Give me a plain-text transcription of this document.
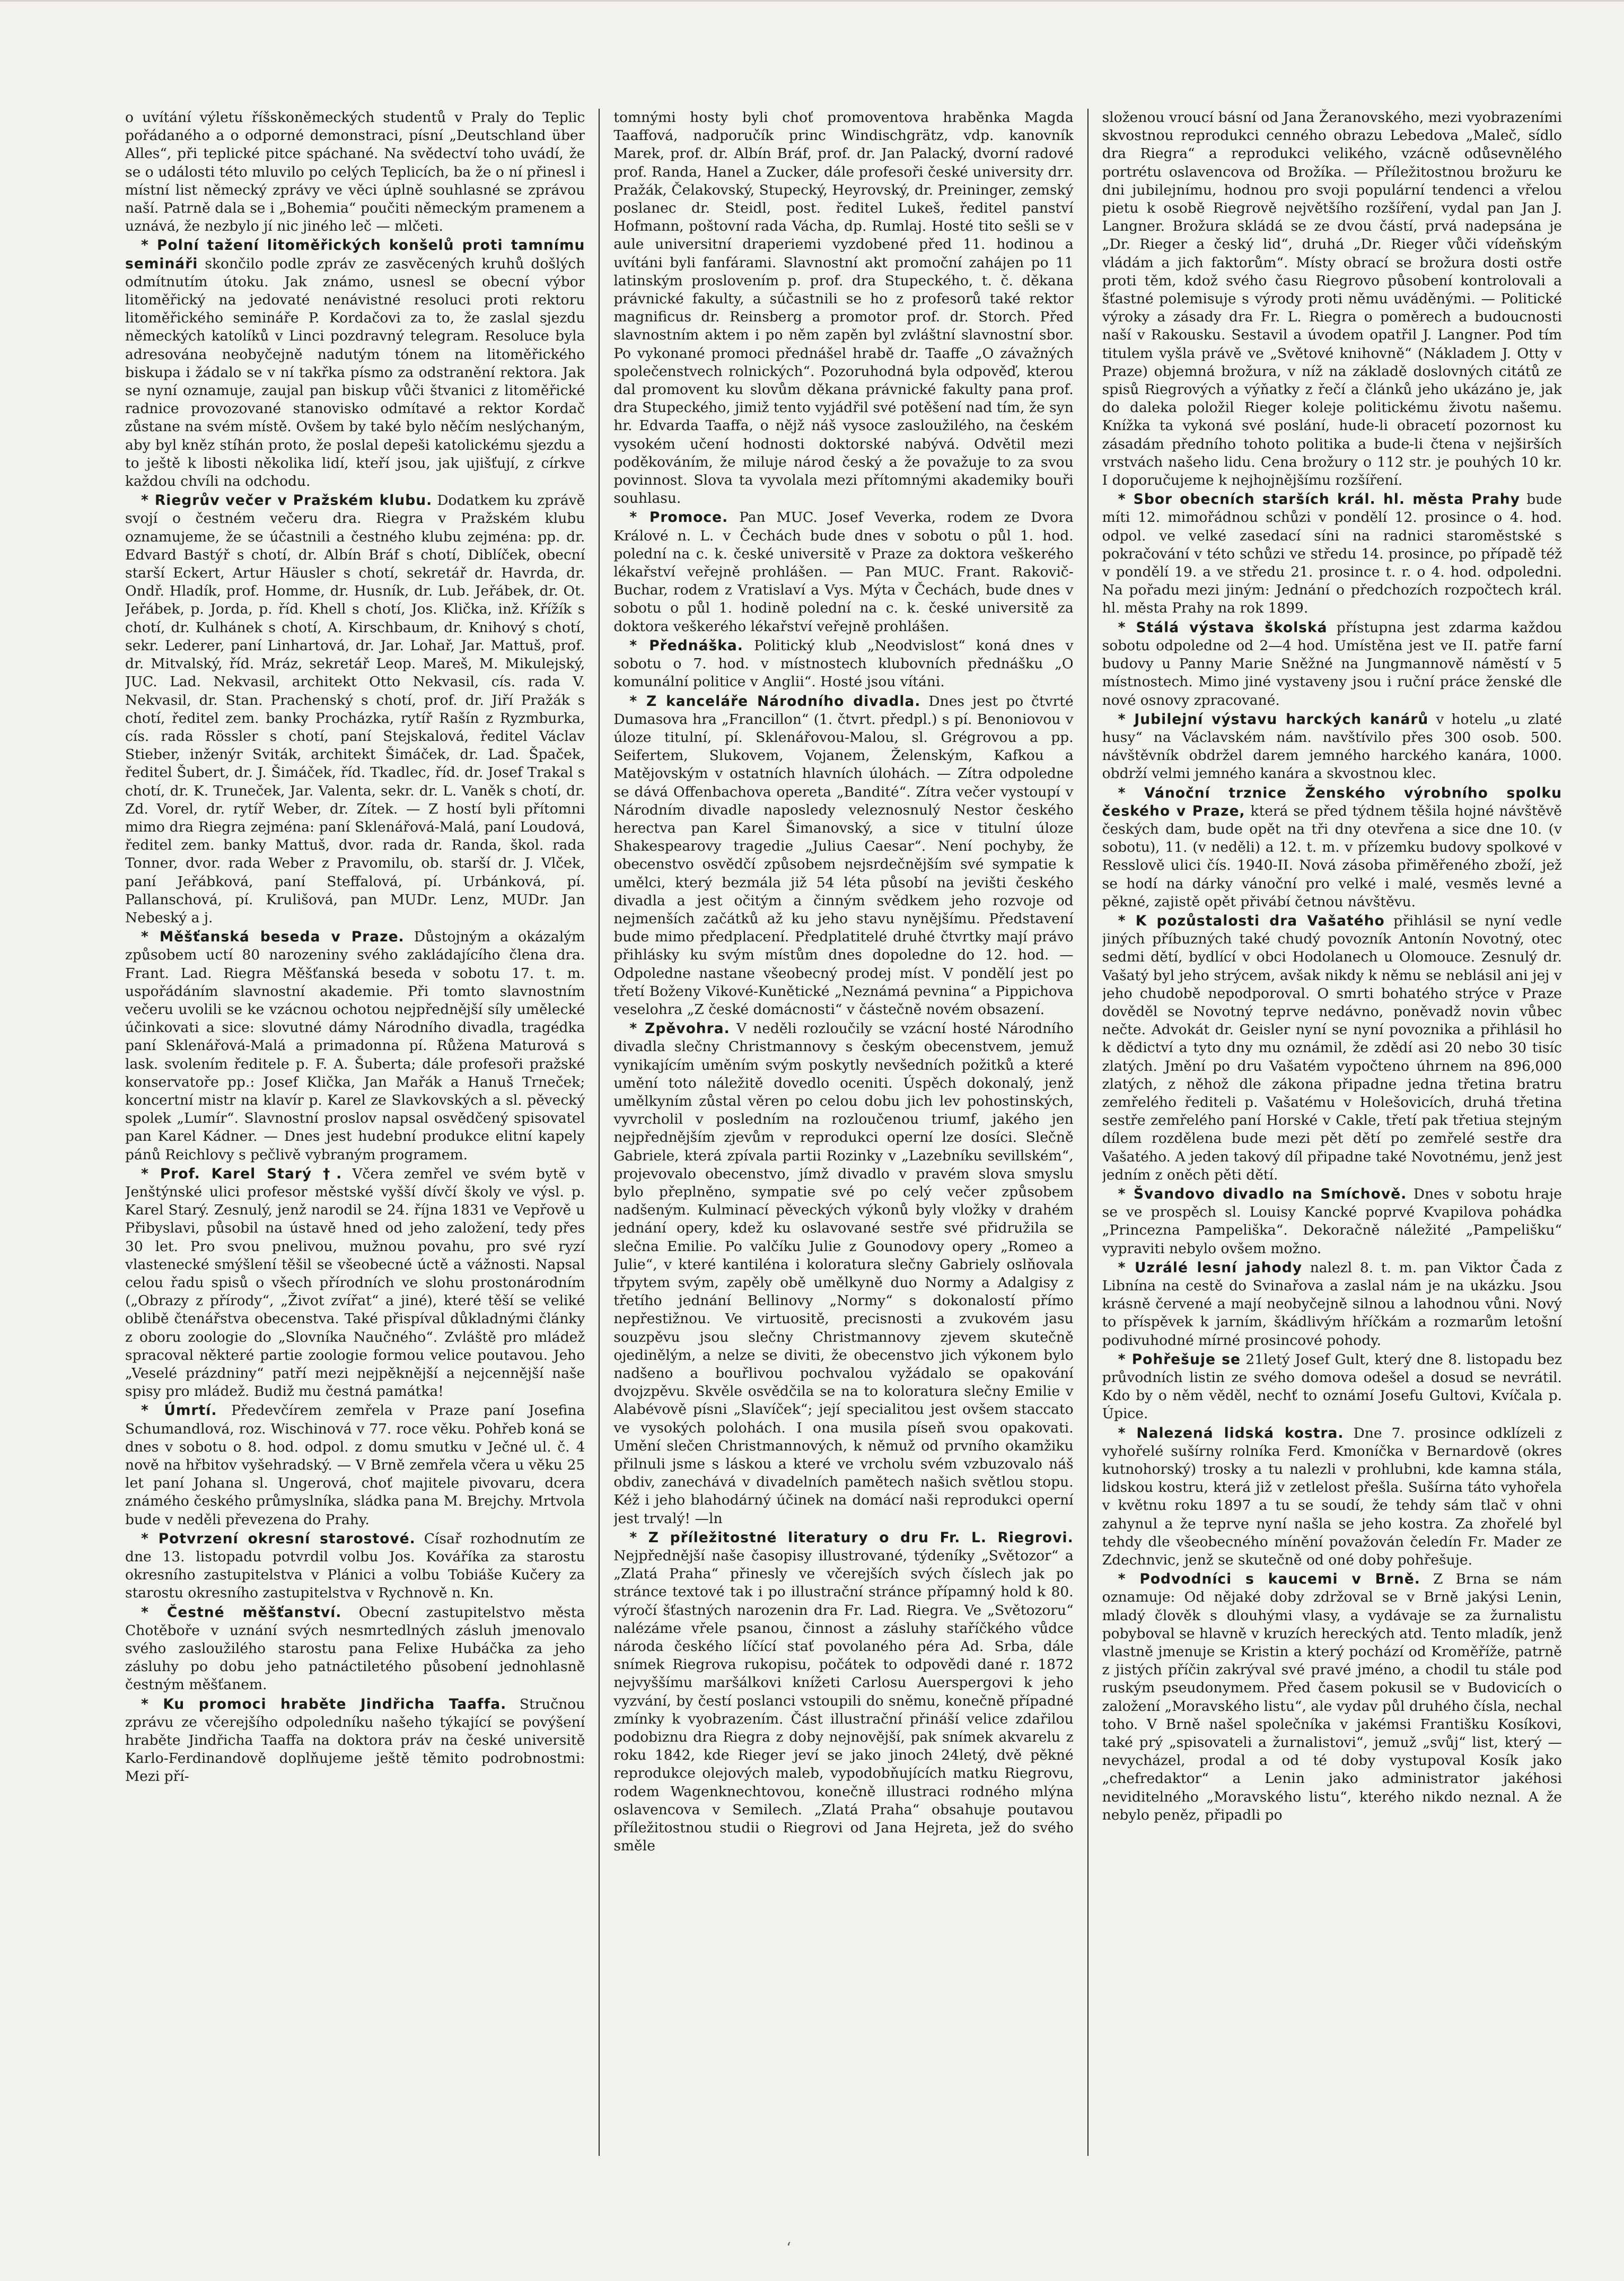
o uvítání výletu říšskoněmeckých studentů v Praly do Teplic pořádaného a o odporné demonstraci, písní „Deutschland über Alles“, při teplické pitce spáchané. Na svědectví toho uvádí, že se o události této mluvilo po celých Teplicích, ba že o ní přinesl i místní list německý zprávy ve věci úplně souhlasné se zprávou naší. Patrně dala se i „Bohemia“ poučiti německým pramenem a uznává, že nezbylo jí nic jiného leč — mlčeti.

* Polní tažení litoměřických konšelů proti tamnímu semináři skončilo podle zpráv ze zasvěcených kruhů došlých odmítnutím útoku. Jak známo, usnesl se obecní výbor litoměřický na jedovaté nenávistné resoluci proti rektoru litoměřického semináře P. Kordačovi za to, že zaslal sjezdu německých katolíků v Linci pozdravný telegram. Resoluce byla adresována neobyčejně nadutým tónem na litoměřického biskupa i žádalo se v ní takřka písmo za odstranění rektora. Jak se nyní oznamuje, zaujal pan biskup vůči štvanici z litoměřické radnice provozované stanovisko odmítavé a rektor Kordač zůstane na svém místě. Ovšem by také bylo něčím neslýchaným, aby byl kněz stíhán proto, že poslal depeši katolickému sjezdu a to ještě k libosti několika lidí, kteří jsou, jak ujišťují, z církve každou chvíli na odchodu.

* Riegrův večer v Pražském klubu. Dodatkem ku zprávě svojí o čestném večeru dra. Riegra v Pražském klubu oznamujeme, že se účastnili a čestného klubu zejména: pp. dr. Edvard Bastýř s chotí, dr. Albín Bráf s chotí, Diblíček, obecní starší Eckert, Artur Häusler s chotí, sekretář dr. Havrda, dr. Ondř. Hladík, prof. Homme, dr. Husník, dr. Lub. Jeřábek, dr. Ot. Jeřábek, p. Jorda, p. říd. Khell s chotí, Jos. Klička, inž. Křížík s chotí, dr. Kulhánek s chotí, A. Kirschbaum, dr. Knihový s chotí, sekr. Lederer, paní Linhartová, dr. Jar. Lohař, Jar. Mattuš, prof. dr. Mitvalský, říd. Mráz, sekretář Leop. Mareš, M. Mikulejský, JUC. Lad. Nekvasil, architekt Otto Nekvasil, cís. rada V. Nekvasil, dr. Stan. Prachenský s chotí, prof. dr. Jiří Pražák s chotí, ředitel zem. banky Procházka, rytíř Rašín z Ryzmburka, cís. rada Rössler s chotí, paní Stejskalová, ředitel Václav Stieber, inženýr Sviták, architekt Šimáček, dr. Lad. Špaček, ředitel Šubert, dr. J. Šimáček, říd. Tkadlec, říd. dr. Josef Trakal s chotí, dr. K. Truneček, Jar. Valenta, sekr. dr. L. Vaněk s chotí, dr. Zd. Vorel, dr. rytíř Weber, dr. Zítek. — Z hostí byli přítomni mimo dra Riegra zejména: paní Sklenářová-Malá, paní Loudová, ředitel zem. banky Mattuš, dvor. rada dr. Randa, škol. rada Tonner, dvor. rada Weber z Pravomilu, ob. starší dr. J. Vlček, paní Jeřábková, paní Steffalová, pí. Urbánková, pí. Pallanschová, pí. Krulišová, pan MUDr. Lenz, MUDr. Jan Nebeský a j.

* Měšťanská beseda v Praze. Důstojným a okázalým způsobem uctí 80 narozeniny svého zakládajícího člena dra. Frant. Lad. Riegra Měšťanská beseda v sobotu 17. t. m. uspořádáním slavnostní akademie. Při tomto slavnostním večeru uvolili se ke vzácnou ochotou nejpřednější síly umělecké účinkovati a sice: slovutné dámy Národního divadla, tragédka paní Sklenářová-Malá a primadonna pí. Růžena Maturová s lask. svolením ředitele p. F. A. Šuberta; dále profesoři pražské konservatoře pp.: Josef Klička, Jan Mařák a Hanuš Trneček; koncertní mistr na klavír p. Karel ze Slavkovských a sl. pěvecký spolek „Lumír“. Slavnostní proslov napsal osvědčený spisovatel pan Karel Kádner. — Dnes jest hudební produkce elitní kapely pánů Reichlovy s pečlivě vybraným programem.

* Prof. Karel Starý †. Včera zemřel ve svém bytě v Jenštýnské ulici profesor městské vyšší dívčí školy ve výsl. p. Karel Starý. Zesnulý, jenž narodil se 24. října 1831 ve Vepřově u Přibyslavi, působil na ústavě hned od jeho založení, tedy přes 30 let. Pro svou pnelivou, mužnou povahu, pro své ryzí vlastenecké smýšlení těšil se všeobecné úctě a vážnosti. Napsal celou řadu spisů o všech přírodních ve slohu prostonárodním („Obrazy z přírody“, „Život zvířat“ a jiné), které těší se veliké oblibě čtenářstva obecenstva. Také přispíval důkladnými články z oboru zoologie do „Slovníka Naučného“. Zvláště pro mládež spracoval některé partie zoologie formou velice poutavou. Jeho „Veselé prázdniny“ patří mezi nejpěknější a nejcennější naše spisy pro mládež. Budiž mu čestná památka!

* Úmrtí. Předevčírem zemřela v Praze paní Josefina Schumandlová, roz. Wischinová v 77. roce věku. Pohřeb koná se dnes v sobotu o 8. hod. odpol. z domu smutku v Ječné ul. č. 4 nově na hřbitov vyšehradský. — V Brně zemřela včera u věku 25 let paní Johana sl. Ungerová, choť majitele pivovaru, dcera známého českého průmyslníka, sládka pana M. Brejchy. Mrtvola bude v neděli převezena do Prahy.

* Potvrzení okresní starostové. Císař rozhodnutím ze dne 13. listopadu potvrdil volbu Jos. Kováříka za starostu okresního zastupitelstva v Plánici a volbu Tobiáše Kučery za starostu okresního zastupitelstva v Rychnově n. Kn.

* Čestné měšťanství. Obecní zastupitelstvo města Chotěboře v uznání svých nesmrtedlných zásluh jmenovalo svého zasloužilého starostu pana Felixe Hubáčka za jeho zásluhy po dobu jeho patnáctiletého působení jednohlasně čestným měšťanem.

* Ku promoci hraběte Jindřicha Taaffa. Stručnou zprávu ze včerejšího odpoledníku našeho týkající se povýšení hraběte Jindřicha Taaffa na doktora práv na české universitě Karlo-Ferdinandově doplňujeme ještě těmito podrobnostmi: Mezi pří-

tomnými hosty byli choť promoventova hraběnka Magda Taaffová, nadporučík princ Windischgrätz, vdp. kanovník Marek, prof. dr. Albín Bráf, prof. dr. Jan Palacký, dvorní radové prof. Randa, Hanel a Zucker, dále profesoři české university drr. Pražák, Čelakovský, Stupecký, Heyrovský, dr. Preininger, zemský poslanec dr. Steidl, post. ředitel Lukeš, ředitel panství Hofmann, poštovní rada Vácha, dp. Rumlaj. Hosté tito sešli se v aule universitní draperiemi vyzdobené před 11. hodinou a uvítáni byli fanfárami. Slavnostní akt promoční zahájen po 11 latinským proslovením p. prof. dra Stupeckého, t. č. děkana právnické fakulty, a súčastnili se ho z profesorů také rektor magnificus dr. Reinsberg a promotor prof. dr. Storch. Před slavnostním aktem i po něm zapěn byl zvláštní slavnostní sbor. Po vykonané promoci přednášel hrabě dr. Taaffe „O závažných společenstvech rolnických“. Pozoruhodná byla odpověď, kterou dal promovent ku slovům děkana právnické fakulty pana prof. dra Stupeckého, jimiž tento vyjádřil své potěšení nad tím, že syn hr. Edvarda Taaffa, o nějž náš vysoce zasloužilého, na českém vysokém učení hodnosti doktorské nabývá. Odvětil mezi poděkováním, že miluje národ český a že považuje to za svou povinnost. Slova ta vyvolala mezi přítomnými akademiky bouři souhlasu.

* Promoce. Pan MUC. Josef Veverka, rodem ze Dvora Králové n. L. v Čechách bude dnes v sobotu o půl 1. hod. polední na c. k. české universitě v Praze za doktora veškerého lékařství veřejně prohlášen. — Pan MUC. Frant. Rakovič-Buchar, rodem z Vratislaví a Vys. Mýta v Čechách, bude dnes v sobotu o půl 1. hodině polední na c. k. české universitě za doktora veškerého lékařství veřejně prohlášen.

* Přednáška. Politický klub „Neodvislost“ koná dnes v sobotu o 7. hod. v místnostech klubovních přednášku „O komunální politice v Anglii“. Hosté jsou vítáni.

* Z kanceláře Národního divadla. Dnes jest po čtvrté Dumasova hra „Francillon“ (1. čtvrt. předpl.) s pí. Benoniovou v úloze titulní, pí. Sklenářovou-Malou, sl. Grégrovou a pp. Seifertem, Slukovem, Vojanem, Želenským, Kafkou a Matějovským v ostatních hlavních úlohách. — Zítra odpoledne se dává Offenbachova opereta „Bandité“. Zítra večer vystoupí v Národním divadle naposledy veleznosnulý Nestor českého herectva pan Karel Šimanovský, a sice v titulní úloze Shakespearovy tragedie „Julius Caesar“. Není pochyby, že obecenstvo osvědčí způsobem nejsrdečnějším své sympatie k umělci, který bezmála již 54 léta působí na jevišti českého divadla a jest očitým a činným svědkem jeho rozvoje od nejmenších začátků až ku jeho stavu nynějšímu. Představení bude mimo předplacení. Předplatitelé druhé čtvrtky mají právo přihlásky ku svým místům dnes dopoledne do 12. hod. — Odpoledne nastane všeobecný prodej míst. V pondělí jest po třetí Boženy Vikové-Kunětické „Neznámá pevnina“ a Pippichova veselohra „Z české domácnosti“ v částečně novém obsazení.

* Zpěvohra. V neděli rozloučily se vzácní hosté Národního divadla slečny Christmannovy s českým obecenstvem, jemuž vynikajícím uměním svým poskytly nevšedních požitků a které umění toto náležitě dovedlo oceniti. Úspěch dokonalý, jenž umělkyním zůstal věren po celou dobu jich lev pohostinských, vyvrcholil v posledním na rozloučenou triumf, jakého jen nejpřednějším zjevům v reprodukci operní lze dosíci. Slečně Gabriele, která zpívala partii Rozinky v „Lazebníku sevillském“, projevovalo obecenstvo, jímž divadlo v pravém slova smyslu bylo přeplněno, sympatie své po celý večer způsobem nadšeným. Kulminací pěveckých výkonů byly vložky v drahém jednání opery, kdež ku oslavované sestře své přidružila se slečna Emilie. Po valčíku Julie z Gounodovy opery „Romeo a Julie“, v které kantiléna i koloratura slečny Gabriely oslňovala třpytem svým, zapěly obě umělkyně duo Normy a Adalgisy z třetího jednání Bellinovy „Normy“ s dokonalostí přímo nepřestižnou. Ve virtuositě, precisnosti a zvukovém jasu souzpěvu jsou slečny Christmannovy zjevem skutečně ojedinělým, a nelze se diviti, že obecenstvo jich výkonem bylo nadšeno a bouřlivou pochvalou vyžádalo se opakování dvojzpěvu. Skvěle osvědčila se na to koloratura slečny Emilie v Alabévově písni „Slavíček“; její specialitou jest ovšem staccato ve vysokých polohách. I ona musila píseň svou opakovati. Umění slečen Christmannových, k němuž od prvního okamžiku přilnuli jsme s láskou a které ve vrcholu svém vzbuzovalo náš obdiv, zanechává v divadelních pamětech našich světlou stopu. Kéž i jeho blahodárný účinek na domácí naši reprodukci operní jest trvalý! —ln

* Z příležitostné literatury o dru Fr. L. Riegrovi. Nejpřednější naše časopisy illustrované, týdeníky „Světozor“ a „Zlatá Praha“ přinesly ve včerejších svých číslech jak po stránce textové tak i po illustrační stránce přípamný hold k 80. výročí šťastných narozenin dra Fr. Lad. Riegra. Ve „Světozoru“ nalézáme vřele psanou, činnost a zásluhy staříčkého vůdce národa českého líčící stať povolaného péra Ad. Srba, dále snímek Riegrova rukopisu, počátek to odpovědi dané r. 1872 nejvyššímu maršálkovi knížeti Carlosu Auerspergovi k jeho vyzvání, by čestí poslanci vstoupili do sněmu, konečně případné zmínky k vyobrazením. Část illustrační přináší velice zdařilou podobiznu dra Riegra z doby nejnovější, pak snímek akvarelu z roku 1842, kde Rieger jeví se jako jinoch 24letý, dvě pěkné reprodukce olejových maleb, vypodobňujících matku Riegrovu, rodem Wagenknechtovou, konečně illustraci rodného mlýna oslavencova v Semilech. „Zlatá Praha“ obsahuje poutavou příležitostnou studii o Riegrovi od Jana Hejreta, jež do svého směle

složenou vroucí básní od Jana Žeranovského, mezi vyobrazeními skvostnou reprodukci cenného obrazu Lebedova „Maleč, sídlo dra Riegra“ a reprodukci velikého, vzácně odůsevnělého portrétu oslavencova od Brožíka. — Příležitostnou brožuru ke dni jubilejnímu, hodnou pro svoji populární tendenci a vřelou pietu k osobě Riegrově největšího rozšíření, vydal pan Jan J. Langner. Brožura skládá se ze dvou částí, prvá nadepsána je „Dr. Rieger a český lid“, druhá „Dr. Rieger vůči vídeňským vládám a jich faktorům“. Místy obrací se brožura dosti ostře proti těm, kdož svého času Riegrovo působení kontrolovali a šťastné polemisuje s výrody proti němu uváděnými. — Politické výroky a zásady dra Fr. L. Riegra o poměrech a budoucnosti naší v Rakousku. Sestavil a úvodem opatřil J. Langner. Pod tím titulem vyšla právě ve „Světové knihovně“ (Nákladem J. Otty v Praze) objemná brožura, v níž na základě doslovných citátů ze spisů Riegrových a výňatky z řečí a článků jeho ukázáno je, jak do daleka položil Rieger koleje politickému životu našemu. Knížka ta vykoná své poslání, hude-li obracetí pozornost ku zásadám předního tohoto politika a bude-li čtena v nejširších vrstvách našeho lidu. Cena brožury o 112 str. je pouhých 10 kr. I doporučujeme k nejhojnějšímu rozšíření.

* Sbor obecních starších král. hl. města Prahy bude míti 12. mimořádnou schůzi v pondělí 12. prosince o 4. hod. odpol. ve velké zasedací síni na radnici staroměstské s pokračování v této schůzi ve středu 14. prosince, po případě též v pondělí 19. a ve středu 21. prosince t. r. o 4. hod. odpoledni. Na pořadu mezi jiným: Jednání o předchozích rozpočtech král. hl. města Prahy na rok 1899.

* Stálá výstava školská přístupna jest zdarma každou sobotu odpoledne od 2—4 hod. Umístěna jest ve II. patře farní budovy u Panny Marie Sněžné na Jungmannově náměstí v 5 místnostech. Mimo jiné vystaveny jsou i ruční práce ženské dle nové osnovy zpracované.

* Jubilejní výstavu harckých kanárů v hotelu „u zlaté husy“ na Václavském nám. navštívilo přes 300 osob. 500. návštěvník obdržel darem jemného harckého kanára, 1000. obdrží velmi jemného kanára a skvostnou klec.

* Vánoční trznice Ženského výrobního spolku českého v Praze, která se před týdnem těšila hojné návštěvě českých dam, bude opět na tři dny otevřena a sice dne 10. (v sobotu), 11. (v neděli) a 12. t. m. v přízemku budovy spolkové v Resslově ulici čís. 1940-II. Nová zásoba přiměřeného zboží, jež se hodí na dárky vánoční pro velké i malé, vesměs levné a pěkné, zajistě opět přivábí četnou návštěvu.

* K pozůstalosti dra Vašatého přihlásil se nyní vedle jiných příbuzných také chudý povozník Antonín Novotný, otec sedmi dětí, bydlící v obci Hodolanech u Olomouce. Zesnulý dr. Vašatý byl jeho strýcem, avšak nikdy k němu se neblásil ani jej v jeho chudobě nepodporoval. O smrti bohatého strýce v Praze dověděl se Novotný teprve nedávno, poněvadž novin vůbec nečte. Advokát dr. Geisler nyní se nyní povoznika a přihlásil ho k dědictví a tyto dny mu oznámil, že zdědí asi 20 nebo 30 tisíc zlatých. Jmění po dru Vašatém vypočteno úhrnem na 896,000 zlatých, z něhož dle zákona připadne jedna třetina bratru zemřelého řediteli p. Vašatému v Holešovicích, druhá třetina sestře zemřelého paní Horské v Cakle, třetí pak třetiua stejným dílem rozdělena bude mezi pět dětí po zemřelé sestře dra Vašatého. A jeden takový díl připadne také Novotnému, jenž jest jedním z oněch pěti dětí.

* Švandovo divadlo na Smíchově. Dnes v sobotu hraje se ve prospěch sl. Louisy Kancké poprvé Kvapilova pohádka „Princezna Pampeliška“. Dekoračně náležité „Pampelišku“ vypraviti nebylo ovšem možno.

* Uzrálé lesní jahody nalezl 8. t. m. pan Viktor Čada z Libnína na cestě do Svinařova a zaslal nám je na ukázku. Jsou krásně červené a mají neobyčejně silnou a lahodnou vůni. Nový to příspěvek k jarním, škádlivým hříčkám a rozmarům letošní podivuhodné mírné prosincové pohody.

* Pohřešuje se 21letý Josef Gult, který dne 8. listopadu bez průvodních listin ze svého domova odešel a dosud se nevrátil. Kdo by o něm věděl, nechť to oznámí Josefu Gultovi, Kvíčala p. Úpice.

* Nalezená lidská kostra. Dne 7. prosince odklízeli z vyhořelé sušírny rolníka Ferd. Kmoníčka v Bernardově (okres kutnohorský) trosky a tu nalezli v prohlubni, kde kamna stála, lidskou kostru, která již v zetlelost přešla. Sušírna táto vyhořela v květnu roku 1897 a tu se soudí, že tehdy sám tlač v ohni zahynul a že teprve nyní našla se jeho kostra. Za zhořelé byl tehdy dle všeobecného mínění považován čeledín Fr. Mader ze Zdechnvic, jenž se skutečně od oné doby pohřešuje.

* Podvodníci s kaucemi v Brně. Z Brna se nám oznamuje: Od nějaké doby zdržoval se v Brně jakýsi Lenin, mladý člověk s dlouhými vlasy, a vydávaje se za žurnalistu pobyboval se hlavně v kruzích hereckých atd. Tento mladík, jenž vlastně jmenuje se Kristin a který pochází od Kroměříže, patrně z jistých příčin zakrýval své pravé jméno, a chodil tu stále pod ruským pseudonymem. Před časem pokusil se v Budovicích o založení „Moravského listu“, ale vydav půl druhého čísla, nechal toho. V Brně našel společníka v jakémsi Františku Kosíkovi, také prý „spisovateli a žurnalistovi“, jemuž „svůj“ list, který — nevycházel, prodal a od té doby vystupoval Kosík jako „chefredaktor“ a Lenin jako administrator jakéhosi neviditelného „Moravského listu“, kterého nikdo neznal. A že nebylo peněz, připadli po

ʻ
